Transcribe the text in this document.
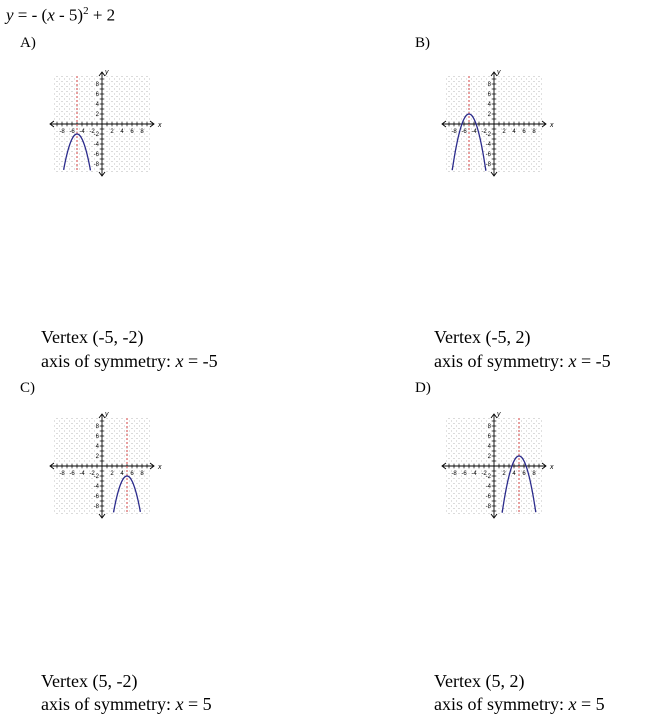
y = - (x - 5)$^2$ + 2
A)
-8 -6 -4 -2	2 4 6 8
8
6
4
2
-2
-4
-6
-8
x
y
Vertex (-5, -2)
axis of symmetry: x = -5
B)
-8 -6 -4 -2	2 4 6 8
8
6
4
2
-2
-4
-6
-8
x
y
Vertex (-5, 2)
axis of symmetry: x = -5
C)
-8 -6 -4 -2	2 4 6 8
8
6
4
2
-2
-4
-6
-8
x
y
Vertex (5, -2)
axis of symmetry: x = 5
D)
-8 -6 -4 -2	2 4 6 8
8
6
4
2
-2
-4
-6
-8
x
y
Vertex (5, 2)
axis of symmetry: x = 5
